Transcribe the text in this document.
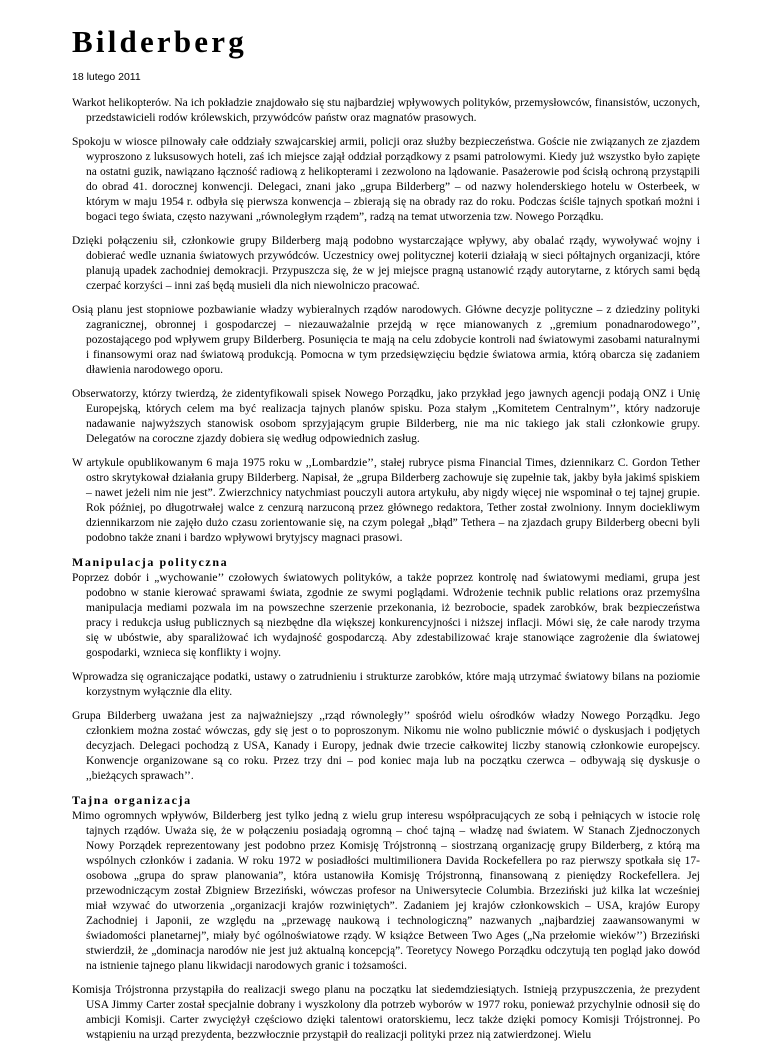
Bilderberg
18 lutego 2011

Warkot helikopterów. Na ich pokładzie znajdowało się stu najbardziej wpływowych polityków, przemysłowców, finansistów, uczonych, przedstawicieli rodów królewskich, przywódców państw oraz magnatów prasowych.

Spokoju w wiosce pilnowały całe oddziały szwajcarskiej armii, policji oraz służby bezpieczeństwa. Goście nie związanych ze zjazdem wyproszono z luksusowych hoteli, zaś ich miejsce zajął oddział porządkowy z psami patrolowymi. Kiedy już wszystko było zapięte na ostatni guzik, nawiązano łączność radiową z helikopterami i zezwolono na lądowanie. Pasażerowie pod ścisłą ochroną przystąpili do obrad 41. dorocznej konwencji. Delegaci, znani jako „grupa Bilderberg” – od nazwy holenderskiego hotelu w Osterbeek, w którym w maju 1954 r. odbyła się pierwsza konwencja – zbierają się na obrady raz do roku. Podczas ściśle tajnych spotkań możni i bogaci tego świata, często nazywani „równoległym rządem”, radzą na temat utworzenia tzw. Nowego Porządku.

Dzięki połączeniu sił, członkowie grupy Bilderberg mają podobno wystarczające wpływy, aby obalać rządy, wywoływać wojny i dobierać wedle uznania światowych przywódców. Uczestnicy owej politycznej koterii działają w sieci półtajnych organizacji, które planują upadek zachodniej demokracji. Przypuszcza się, że w jej miejsce pragną ustanowić rządy autorytarne, z których sami będą czerpać korzyści – inni zaś będą musieli dla nich niewolniczo pracować.

Osią planu jest stopniowe pozbawianie władzy wybieralnych rządów narodowych. Główne decyzje polityczne – z dziedziny polityki zagranicznej, obronnej i gospodarczej – niezauważalnie przejdą w ręce mianowanych z ,,gremium ponadnarodowego’’, pozostającego pod wpływem grupy Bilderberg. Posunięcia te mają na celu zdobycie kontroli nad światowymi zasobami naturalnymi i finansowymi oraz nad światową produkcją. Pomocna w tym przedsięwzięciu będzie światowa armia, którą obarcza się zadaniem dławienia narodowego oporu.

Obserwatorzy, którzy twierdzą, że zidentyfikowali spisek Nowego Porządku, jako przykład jego jawnych agencji podają ONZ i Unię Europejską, których celem ma być realizacja tajnych planów spisku. Poza stałym ,,Komitetem Centralnym’’, który nadzoruje nadawanie najwyższych stanowisk osobom sprzyjającym grupie Bilderberg, nie ma nic takiego jak stali członkowie grupy. Delegatów na coroczne zjazdy dobiera się według odpowiednich zasług.

W artykule opublikowanym 6 maja 1975 roku w ,,Lombardzie’’, stałej rubryce pisma Financial Times, dziennikarz C. Gordon Tether ostro skrytykował działania grupy Bilderberg. Napisał, że „grupa Bilderberg zachowuje się zupełnie tak, jakby była jakimś spiskiem – nawet jeżeli nim nie jest”. Zwierzchnicy natychmiast pouczyli autora artykułu, aby nigdy więcej nie wspominał o tej tajnej grupie. Rok później, po długotrwałej walce z cenzurą narzuconą przez głównego redaktora, Tether został zwolniony. Innym dociekliwym dziennikarzom nie zajęło dużo czasu zorientowanie się, na czym polegał „błąd” Tethera – na zjazdach grupy Bilderberg obecni byli podobno także znani i bardzo wpływowi brytyjscy magnaci prasowi.

Manipulacja polityczna

Poprzez dobór i „wychowanie’’ czołowych światowych polityków, a także poprzez kontrolę nad światowymi mediami, grupa jest podobno w stanie kierować sprawami świata, zgodnie ze swymi poglądami. Wdrożenie technik public relations oraz przemyślna manipulacja mediami pozwala im na powszechne szerzenie przekonania, iż bezrobocie, spadek zarobków, brak bezpieczeństwa pracy i redukcja usług publicznych są niezbędne dla większej konkurencyjności i niższej inflacji. Mówi się, że całe narody trzyma się w ubóstwie, aby sparaliżować ich wydajność gospodarczą. Aby zdestabilizować kraje stanowiące zagrożenie dla światowej gospodarki, wznieca się konflikty i wojny.

Wprowadza się ograniczające podatki, ustawy o zatrudnieniu i strukturze zarobków, które mają utrzymać światowy bilans na poziomie korzystnym wyłącznie dla elity.

Grupa Bilderberg uważana jest za najważniejszy ,,rząd równoległy’’ spośród wielu ośrodków władzy Nowego Porządku. Jego członkiem można zostać wówczas, gdy się jest o to poproszonym. Nikomu nie wolno publicznie mówić o dyskusjach i podjętych decyzjach. Delegaci pochodzą z USA, Kanady i Europy, jednak dwie trzecie całkowitej liczby stanowią członkowie europejscy. Konwencje organizowane są co roku. Przez trzy dni – pod koniec maja lub na początku czerwca – odbywają się dyskusje o ,,bieżących sprawach’’.

Tajna organizacja

Mimo ogromnych wpływów, Bilderberg jest tylko jedną z wielu grup interesu współpracujących ze sobą i pełniących w istocie rolę tajnych rządów. Uważa się, że w połączeniu posiadają ogromną – choć tajną – władzę nad światem. W Stanach Zjednoczonych Nowy Porządek reprezentowany jest podobno przez Komisję Trójstronną – siostrzaną organizację grupy Bilderberg, z którą ma wspólnych członków i zadania. W roku 1972 w posiadłości multimilionera Davida Rockefellera po raz pierwszy spotkała się 17-osobowa „grupa do spraw planowania”, która ustanowiła Komisję Trójstronną, finansowaną z pieniędzy Rockefellera. Jej przewodniczącym został Zbigniew Brzeziński, wówczas profesor na Uniwersytecie Columbia. Brzeziński już kilka lat wcześniej miał wzywać do utworzenia „organizacji krajów rozwiniętych”. Zadaniem jej krajów członkowskich – USA, krajów Europy Zachodniej i Japonii, ze względu na „przewagę naukową i technologiczną” nazwanych „najbardziej zaawansowanymi w świadomości planetarnej”, miały być ogólnoświatowe rządy. W książce Between Two Ages („Na przełomie wieków’’) Brzeziński stwierdził, że „dominacja narodów nie jest już aktualną koncepcją”. Teoretycy Nowego Porządku odczytują ten pogląd jako dowód na istnienie tajnego planu likwidacji narodowych granic i tożsamości.

Komisja Trójstronna przystąpiła do realizacji swego planu na początku lat siedemdziesiątych. Istnieją przypuszczenia, że prezydent USA Jimmy Carter został specjalnie dobrany i wyszkolony dla potrzeb wyborów w 1977 roku, ponieważ przychylnie odnosił się do ambicji Komisji. Carter zwyciężył częściowo dzięki talentowi oratorskiemu, lecz także dzięki pomocy Komisji Trójstronnej. Po wstąpieniu na urząd prezydenta, bezzwłocznie przystąpił do realizacji polityki przez nią zatwierdzonej. Wielu
